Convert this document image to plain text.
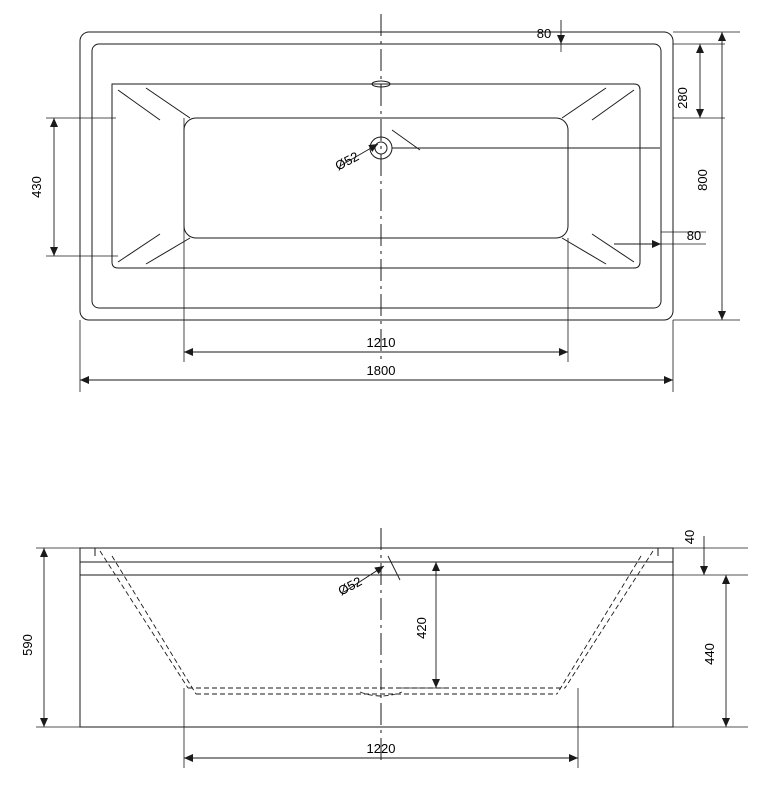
1800
1210
800
280
430
80
80
Ø52
590	440
40
420
1220
Ø52
